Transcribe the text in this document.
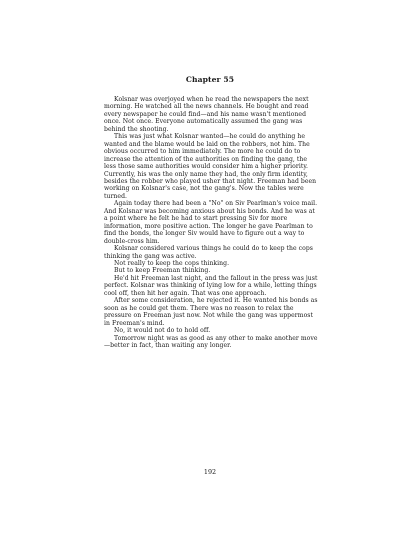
Chapter 55

Kolsnar was overjoyed when he read the newspapers the next morning. He watched all the news channels. He bought and read every newspaper he could find—and his name wasn't mentioned once. Not once. Everyone automatically assumed the gang was behind the shooting.

This was just what Kolsnar wanted—he could do anything he wanted and the blame would be laid on the robbers, not him. The obvious occurred to him immediately. The more he could do to increase the attention of the authorities on finding the gang, the less those same authorities would consider him a higher priority. Currently, his was the only name they had, the only firm identity, besides the robber who played usher that night. Freeman had been working on Kolsnar's case, not the gang's. Now the tables were turned.

Again today there had been a "No" on Siv Pearlman's voice mail. And Kolsnar was becoming anxious about his bonds. And he was at a point where he felt he had to start pressing Siv for more information, more positive action. The longer he gave Pearlman to find the bonds, the longer Siv would have to figure out a way to double-cross him.

Kolsnar considered various things he could do to keep the cops thinking the gang was active.

Not really to keep the cops thinking.

But to keep Freeman thinking.

He'd hit Freeman last night, and the fallout in the press was just perfect. Kolsnar was thinking of lying low for a while, letting things cool off, then hit her again. That was one approach.

After some consideration, he rejected it. He wanted his bonds as soon as he could get them. There was no reason to relax the pressure on Freeman just now. Not while the gang was uppermost in Freeman's mind.

No, it would not do to hold off.

Tomorrow night was as good as any other to make another move—better in fact, than waiting any longer.

192
